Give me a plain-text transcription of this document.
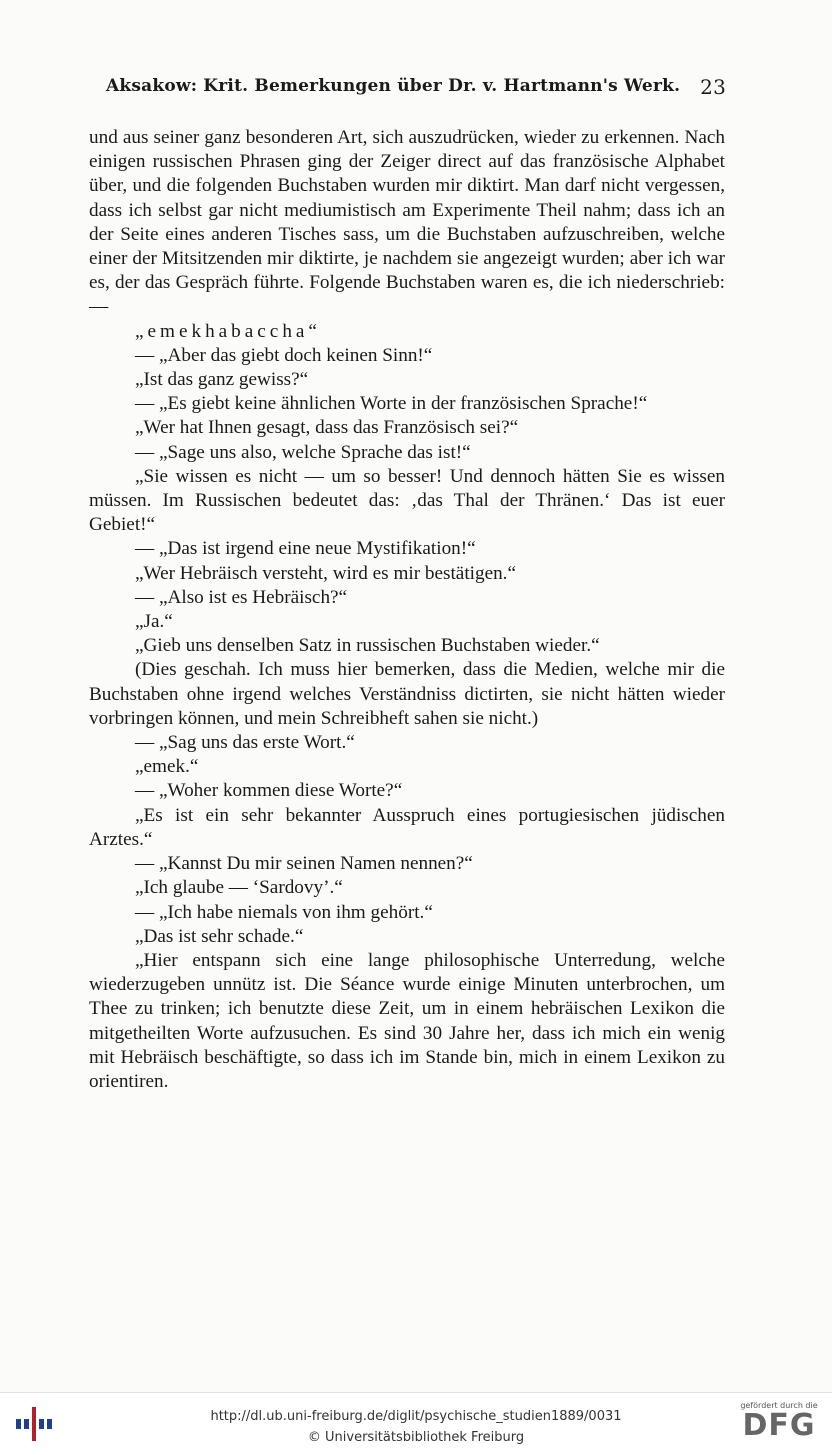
Aksakow: Krit. Bemerkungen über Dr. v. Hartmann's Werk. 23

und aus seiner ganz besonderen Art, sich auszudrücken, wieder zu erkennen. Nach einigen russischen Phrasen ging der Zeiger direct auf das französische Alphabet über, und die folgenden Buchstaben wurden mir diktirt. Man darf nicht vergessen, dass ich selbst gar nicht mediumistisch am Experimente Theil nahm; dass ich an der Seite eines anderen Tisches sass, um die Buchstaben aufzuschreiben, welche einer der Mitsitzenden mir diktirte, je nachdem sie angezeigt wurden; aber ich war es, der das Gespräch führte. Folgende Buchstaben waren es, die ich niederschrieb: —

„emekhabaccha“

— „Aber das giebt doch keinen Sinn!“

„Ist das ganz gewiss?“

— „Es giebt keine ähnlichen Worte in der französischen Sprache!“

„Wer hat Ihnen gesagt, dass das Französisch sei?“

— „Sage uns also, welche Sprache das ist!“

„Sie wissen es nicht — um so besser! Und dennoch hätten Sie es wissen müssen. Im Russischen bedeutet das: ‚das Thal der Thränen.‘ Das ist euer Gebiet!“

— „Das ist irgend eine neue Mystifikation!“

„Wer Hebräisch versteht, wird es mir bestätigen.“

— „Also ist es Hebräisch?“

„Ja.“

„Gieb uns denselben Satz in russischen Buchstaben wieder.“

(Dies geschah. Ich muss hier bemerken, dass die Medien, welche mir die Buchstaben ohne irgend welches Verständniss dictirten, sie nicht hätten wieder vorbringen können, und mein Schreibheft sahen sie nicht.)

— „Sag uns das erste Wort.“

„emek.“

— „Woher kommen diese Worte?“

„Es ist ein sehr bekannter Ausspruch eines portugiesischen jüdischen Arztes.“

— „Kannst Du mir seinen Namen nennen?“

„Ich glaube — ‘Sardovy’.“

— „Ich habe niemals von ihm gehört.“

„Das ist sehr schade.“

„Hier entspann sich eine lange philosophische Unterredung, welche wiederzugeben unnütz ist. Die Séance wurde einige Minuten unterbrochen, um Thee zu trinken; ich benutzte diese Zeit, um in einem hebräischen Lexikon die mitgetheilten Worte aufzusuchen. Es sind 30 Jahre her, dass ich mich ein wenig mit Hebräisch beschäftigte, so dass ich im Stande bin, mich in einem Lexikon zu orientiren.

http://dl.ub.uni-freiburg.de/diglit/psychische_studien1889/0031
© Universitätsbibliothek Freiburg
gefördert durch die
DFG
